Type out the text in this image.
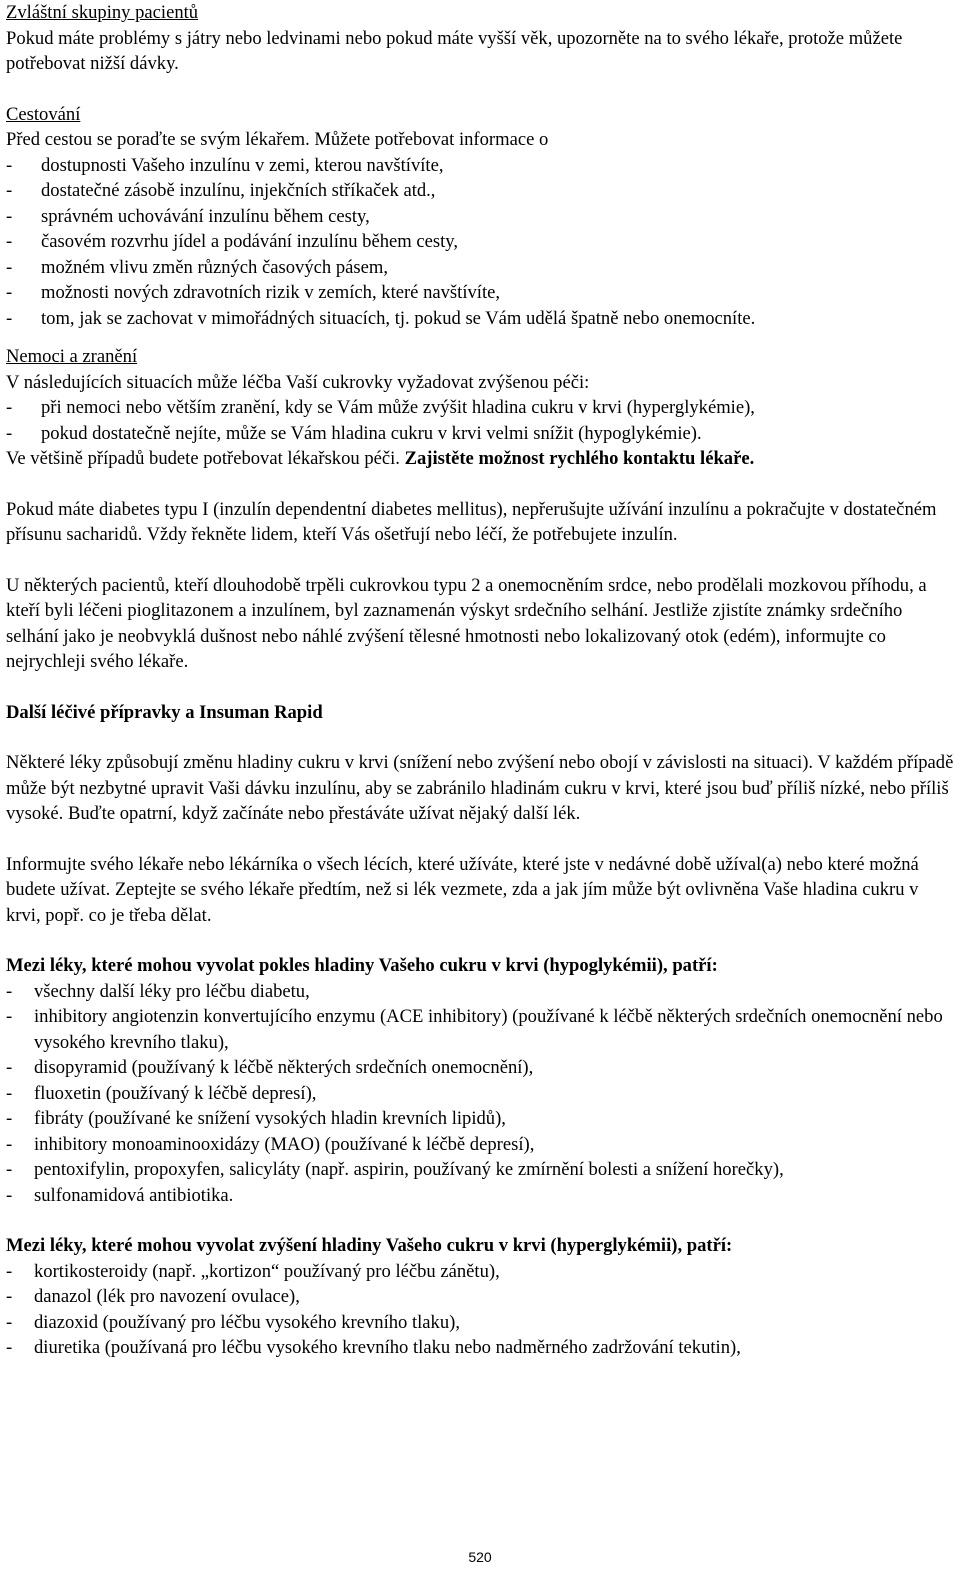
Zvláštní skupiny pacientů

Pokud máte problémy s játry nebo ledvinami nebo pokud máte vyšší věk, upozorněte na to svého lékaře, protože můžete potřebovat nižší dávky.

Cestování

Před cestou se poraďte se svým lékařem. Můžete potřebovat informace o

-	dostupnosti Vašeho inzulínu v zemi, kterou navštívíte,
-	dostatečné zásobě inzulínu, injekčních stříkaček atd.,
-	správném uchovávání inzulínu během cesty,
-	časovém rozvrhu jídel a podávání inzulínu během cesty,
-	možném vlivu změn různých časových pásem,
-	možnosti nových zdravotních rizik v zemích, které navštívíte,
-	tom, jak se zachovat v mimořádných situacích, tj. pokud se Vám udělá špatně nebo onemocníte.

Nemoci a zranění

V následujících situacích může léčba Vaší cukrovky vyžadovat zvýšenou péči:

-	při nemoci nebo větším zranění, kdy se Vám může zvýšit hladina cukru v krvi (hyperglykémie),
-	pokud dostatečně nejíte, může se Vám hladina cukru v krvi velmi snížit (hypoglykémie).

Ve většině případů budete potřebovat lékařskou péči. Zajistěte možnost rychlého kontaktu lékaře.

Pokud máte diabetes typu I (inzulín dependentní diabetes mellitus), nepřerušujte užívání inzulínu a pokračujte v dostatečném přísunu sacharidů. Vždy řekněte lidem, kteří Vás ošetřují nebo léčí, že potřebujete inzulín.

U některých pacientů, kteří dlouhodobě trpěli cukrovkou typu 2 a onemocněním srdce, nebo prodělali mozkovou příhodu, a kteří byli léčeni pioglitazonem a inzulínem, byl zaznamenán výskyt srdečního selhání. Jestliže zjistíte známky srdečního selhání jako je neobvyklá dušnost nebo náhlé zvýšení tělesné hmotnosti nebo lokalizovaný otok (edém), informujte co nejrychleji svého lékaře.

Další léčivé přípravky a Insuman Rapid

Některé léky způsobují změnu hladiny cukru v krvi (snížení nebo zvýšení nebo obojí v závislosti na situaci). V každém případě může být nezbytné upravit Vaši dávku inzulínu, aby se zabránilo hladinám cukru v krvi, které jsou buď příliš nízké, nebo příliš vysoké. Buďte opatrní, když začínáte nebo přestáváte užívat nějaký další lék.

Informujte svého lékaře nebo lékárníka o všech lécích, které užíváte, které jste v nedávné době užíval(a) nebo které možná budete užívat. Zeptejte se svého lékaře předtím, než si lék vezmete, zda a jak jím může být ovlivněna Vaše hladina cukru v krvi, popř. co je třeba dělat.

Mezi léky, které mohou vyvolat pokles hladiny Vašeho cukru v krvi (hypoglykémii), patří:

-	všechny další léky pro léčbu diabetu,
-	inhibitory angiotenzin konvertujícího enzymu (ACE inhibitory) (používané k léčbě některých srdečních onemocnění nebo vysokého krevního tlaku),
-	disopyramid (používaný k léčbě některých srdečních onemocnění),
-	fluoxetin (používaný k léčbě depresí),
-	fibráty (používané ke snížení vysokých hladin krevních lipidů),
-	inhibitory monoaminooxidázy (MAO) (používané k léčbě depresí),
-	pentoxifylin, propoxyfen, salicyláty (např. aspirin, používaný ke zmírnění bolesti a snížení horečky),
-	sulfonamidová antibiotika.

Mezi léky, které mohou vyvolat zvýšení hladiny Vašeho cukru v krvi (hyperglykémii), patří:

-	kortikosteroidy (např. „kortizon“ používaný pro léčbu zánětu),
-	danazol (lék pro navození ovulace),
-	diazoxid (používaný pro léčbu vysokého krevního tlaku),
-	diuretika (používaná pro léčbu vysokého krevního tlaku nebo nadměrného zadržování tekutin),
520
